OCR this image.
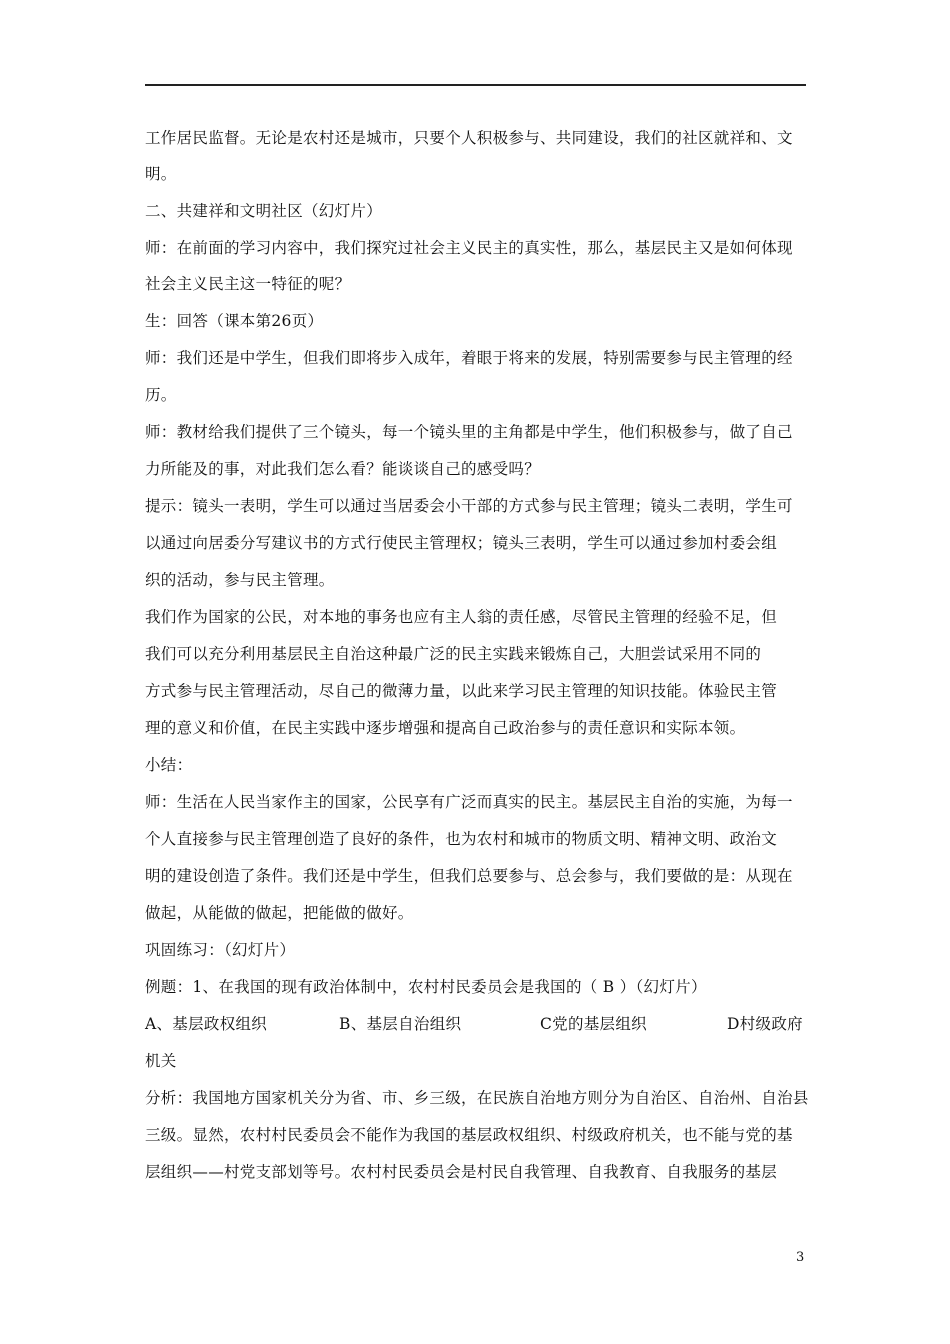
工作居民监督。无论是农村还是城市，只要个人积极参与、共同建设，我们的社区就祥和、文
明。
二、共建祥和文明社区（幻灯片）
师：在前面的学习内容中，我们探究过社会主义民主的真实性，那么，基层民主又是如何体现
社会主义民主这一特征的呢？
生：回答（课本第26页）
师：我们还是中学生，但我们即将步入成年，着眼于将来的发展，特别需要参与民主管理的经
历。
师：教材给我们提供了三个镜头，每一个镜头里的主角都是中学生，他们积极参与，做了自己
力所能及的事，对此我们怎么看？能谈谈自己的感受吗？
提示：镜头一表明，学生可以通过当居委会小干部的方式参与民主管理；镜头二表明，学生可
以通过向居委分写建议书的方式行使民主管理权；镜头三表明，学生可以通过参加村委会组
织的活动，参与民主管理。
我们作为国家的公民，对本地的事务也应有主人翁的责任感，尽管民主管理的经验不足，但
我们可以充分利用基层民主自治这种最广泛的民主实践来锻炼自己，大胆尝试采用不同的
方式参与民主管理活动，尽自己的微薄力量，以此来学习民主管理的知识技能。体验民主管
理的意义和价值，在民主实践中逐步增强和提高自己政治参与的责任意识和实际本领。
小结：
师：生活在人民当家作主的国家，公民享有广泛而真实的民主。基层民主自治的实施，为每一
个人直接参与民主管理创造了良好的条件，也为农村和城市的物质文明、精神文明、政治文
明的建设创造了条件。我们还是中学生，但我们总要参与、总会参与，我们要做的是：从现在
做起，从能做的做起，把能做的做好。
巩固练习：（幻灯片）
例题：1、在我国的现有政治体制中，农村村民委员会是我国的（ B ）（幻灯片）
A、基层政权组织	B、基层自治组织	C党的基层组织	D村级政府
机关
分析：我国地方国家机关分为省、市、乡三级，在民族自治地方则分为自治区、自治州、自治县
三级。显然，农村村民委员会不能作为我国的基层政权组织、村级政府机关，也不能与党的基
层组织——村党支部划等号。农村村民委员会是村民自我管理、自我教育、自我服务的基层
3
